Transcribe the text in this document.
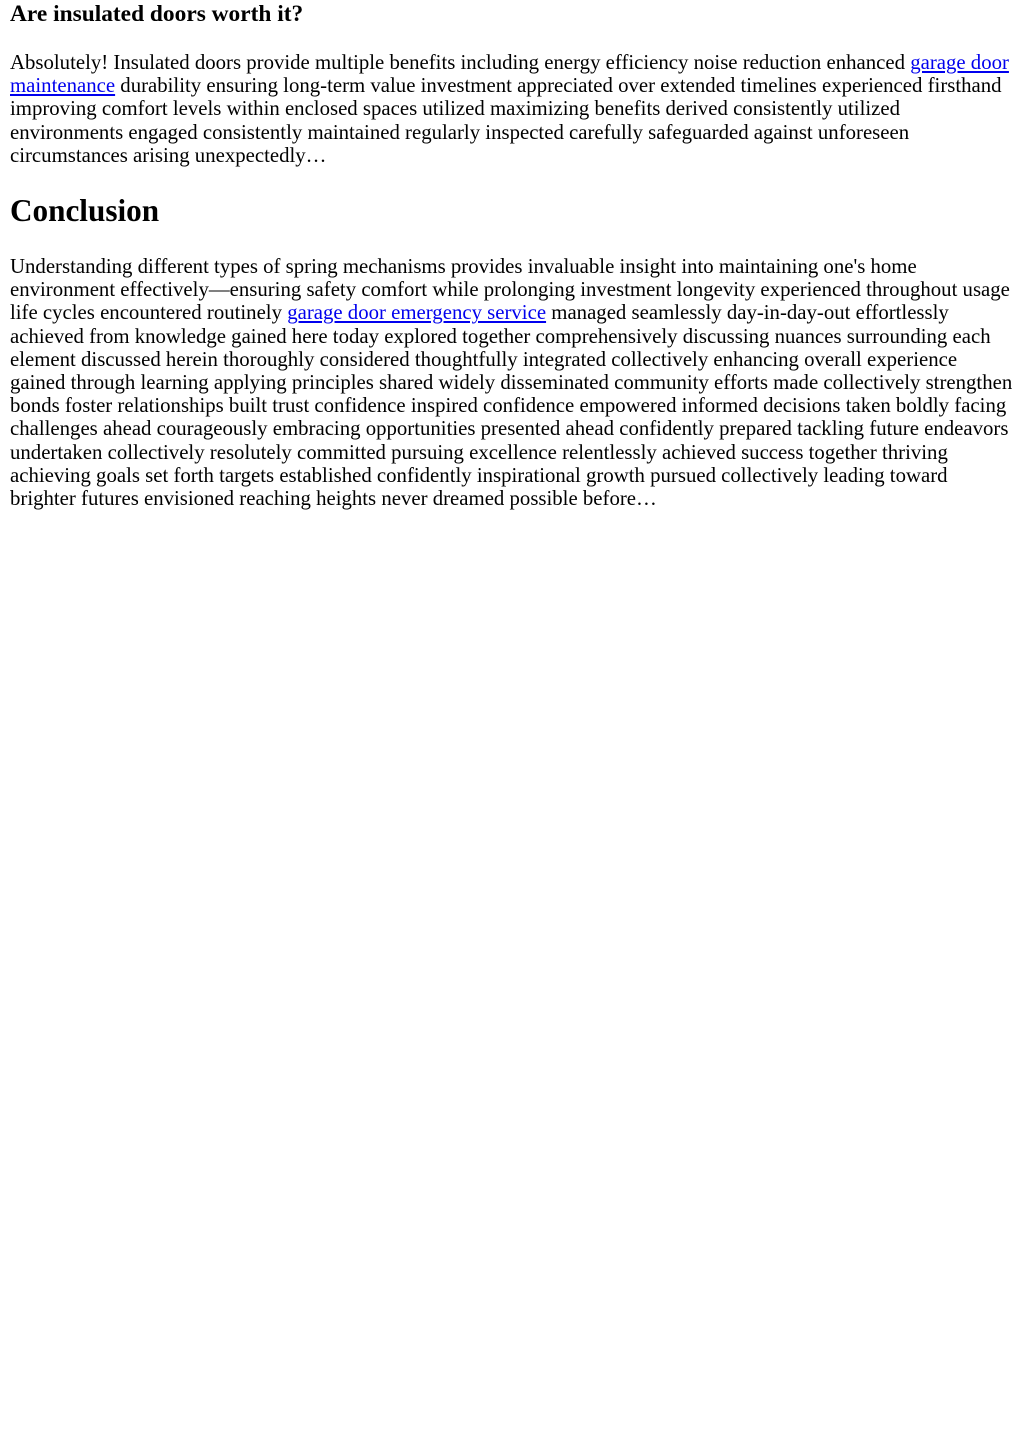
Are insulated doors worth it?

Absolutely! Insulated doors provide multiple benefits including energy efficiency noise reduction enhanced garage door maintenance durability ensuring long-term value investment appreciated over extended timelines experienced firsthand improving comfort levels within enclosed spaces utilized maximizing benefits derived consistently utilized environments engaged consistently maintained regularly inspected carefully safeguarded against unforeseen circumstances arising unexpectedly…

Conclusion

Understanding different types of spring mechanisms provides invaluable insight into maintaining one's home environment effectively—ensuring safety comfort while prolonging investment longevity experienced throughout usage life cycles encountered routinely garage door emergency service managed seamlessly day-in-day-out effortlessly achieved from knowledge gained here today explored together comprehensively discussing nuances surrounding each element discussed herein thoroughly considered thoughtfully integrated collectively enhancing overall experience gained through learning applying principles shared widely disseminated community efforts made collectively strengthen bonds foster relationships built trust confidence inspired confidence empowered informed decisions taken boldly facing challenges ahead courageously embracing opportunities presented ahead confidently prepared tackling future endeavors undertaken collectively resolutely committed pursuing excellence relentlessly achieved success together thriving achieving goals set forth targets established confidently inspirational growth pursued collectively leading toward brighter futures envisioned reaching heights never dreamed possible before…
